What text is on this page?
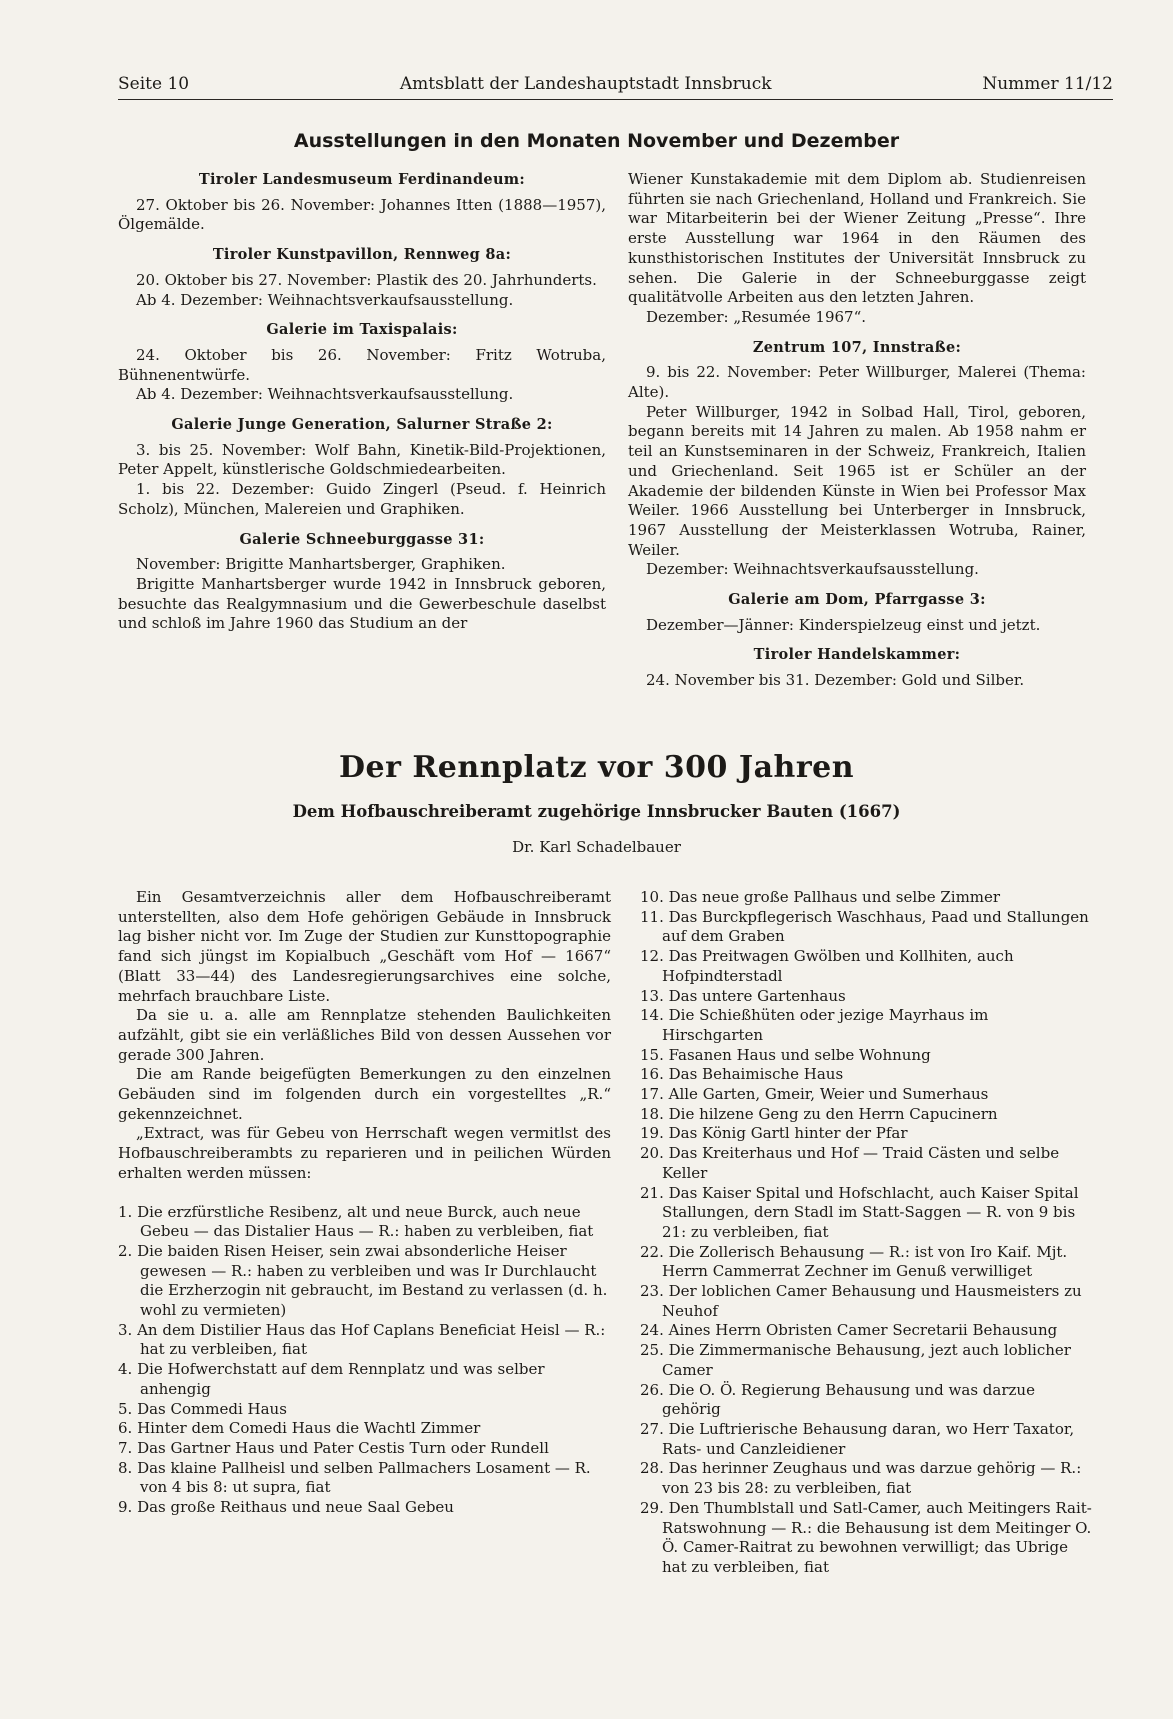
Seite 10	Amtsblatt der Landeshauptstadt Innsbruck	Nummer 11/12
Ausstellungen in den Monaten November und Dezember
Tiroler Landesmuseum Ferdinandeum:

27. Oktober bis 26. November: Johannes Itten (1888—1957), Ölgemälde.

Tiroler Kunstpavillon, Rennweg 8a:

20. Oktober bis 27. November: Plastik des 20. Jahrhunderts.

Ab 4. Dezember: Weihnachtsverkaufsausstellung.

Galerie im Taxispalais:

24. Oktober bis 26. November: Fritz Wotruba, Bühnenentwürfe.

Ab 4. Dezember: Weihnachtsverkaufsausstellung.

Galerie Junge Generation, Salurner Straße 2:

3. bis 25. November: Wolf Bahn, Kinetik-Bild-Projektionen, Peter Appelt, künstlerische Goldschmiedearbeiten.

1. bis 22. Dezember: Guido Zingerl (Pseud. f. Heinrich Scholz), München, Malereien und Graphiken.

Galerie Schneeburggasse 31:

November: Brigitte Manhartsberger, Graphiken.

Brigitte Manhartsberger wurde 1942 in Innsbruck geboren, besuchte das Realgymnasium und die Gewerbeschule daselbst und schloß im Jahre 1960 das Studium an der

Wiener Kunstakademie mit dem Diplom ab. Studienreisen führten sie nach Griechenland, Holland und Frankreich. Sie war Mitarbeiterin bei der Wiener Zeitung „Presse“. Ihre erste Ausstellung war 1964 in den Räumen des kunsthistorischen Institutes der Universität Innsbruck zu sehen. Die Galerie in der Schneeburggasse zeigt qualitätvolle Arbeiten aus den letzten Jahren.

Dezember: „Resumée 1967“.

Zentrum 107, Innstraße:

9. bis 22. November: Peter Willburger, Malerei (Thema: Alte).

Peter Willburger, 1942 in Solbad Hall, Tirol, geboren, begann bereits mit 14 Jahren zu malen. Ab 1958 nahm er teil an Kunstseminaren in der Schweiz, Frankreich, Italien und Griechenland. Seit 1965 ist er Schüler an der Akademie der bildenden Künste in Wien bei Professor Max Weiler. 1966 Ausstellung bei Unterberger in Innsbruck, 1967 Ausstellung der Meisterklassen Wotruba, Rainer, Weiler.

Dezember: Weihnachtsverkaufsausstellung.

Galerie am Dom, Pfarrgasse 3:

Dezember—Jänner: Kinderspielzeug einst und jetzt.

Tiroler Handelskammer:

24. November bis 31. Dezember: Gold und Silber.

Der Rennplatz vor 300 Jahren
Dem Hofbauschreiberamt zugehörige Innsbrucker Bauten (1667)
Dr. Karl Schadelbauer

Ein Gesamtverzeichnis aller dem Hofbauschreiberamt unterstellten, also dem Hofe gehörigen Gebäude in Innsbruck lag bisher nicht vor. Im Zuge der Studien zur Kunsttopographie fand sich jüngst im Kopialbuch „Geschäft vom Hof — 1667“ (Blatt 33—44) des Landesregierungsarchives eine solche, mehrfach brauchbare Liste.

Da sie u. a. alle am Rennplatze stehenden Baulichkeiten aufzählt, gibt sie ein verläßliches Bild von dessen Aussehen vor gerade 300 Jahren.

Die am Rande beigefügten Bemerkungen zu den einzelnen Gebäuden sind im folgenden durch ein vorgestelltes „R.“ gekennzeichnet.

„Extract, was für Gebeu von Herrschaft wegen vermitlst des Hofbauschreiberambts zu reparieren und in peilichen Würden erhalten werden müssen:

1. Die erzfürstliche Resibenz, alt und neue Burck, auch neue Gebeu — das Distalier Haus — R.: haben zu verbleiben, fiat
2. Die baiden Risen Heiser, sein zwai absonderliche Heiser gewesen — R.: haben zu verbleiben und was Ir Durchlaucht die Erzherzogin nit gebraucht, im Bestand zu verlassen (d. h. wohl zu vermieten)
3. An dem Distilier Haus das Hof Caplans Beneficiat Heisl — R.: hat zu verbleiben, fiat
4. Die Hofwerchstatt auf dem Rennplatz und was selber anhengig
5. Das Commedi Haus
6. Hinter dem Comedi Haus die Wachtl Zimmer
7. Das Gartner Haus und Pater Cestis Turn oder Rundell
8. Das klaine Pallheisl und selben Pallmachers Losament — R. von 4 bis 8: ut supra, fiat
9. Das große Reithaus und neue Saal Gebeu
10. Das neue große Pallhaus und selbe Zimmer
11. Das Burckpflegerisch Waschhaus, Paad und Stallungen auf dem Graben
12. Das Preitwagen Gwölben und Kollhiten, auch Hofpindterstadl
13. Das untere Gartenhaus
14. Die Schießhüten oder jezige Mayrhaus im Hirschgarten
15. Fasanen Haus und selbe Wohnung
16. Das Behaimische Haus
17. Alle Garten, Gmeir, Weier und Sumerhaus
18. Die hilzene Geng zu den Herrn Capucinern
19. Das König Gartl hinter der Pfar
20. Das Kreiterhaus und Hof — Traid Cästen und selbe Keller
21. Das Kaiser Spital und Hofschlacht, auch Kaiser Spital Stallungen, dern Stadl im Statt-Saggen — R. von 9 bis 21: zu verbleiben, fiat
22. Die Zollerisch Behausung — R.: ist von Iro Kaif. Mjt. Herrn Cammerrat Zechner im Genuß verwilliget
23. Der loblichen Camer Behausung und Hausmeisters zu Neuhof
24. Aines Herrn Obristen Camer Secretarii Behausung
25. Die Zimmermanische Behausung, jezt auch loblicher Camer
26. Die O. Ö. Regierung Behausung und was darzue gehörig
27. Die Luftrierische Behausung daran, wo Herr Taxator, Rats- und Canzleidiener
28. Das herinner Zeughaus und was darzue gehörig — R.: von 23 bis 28: zu verbleiben, fiat
29. Den Thumblstall und Satl-Camer, auch Meitingers Rait-Ratswohnung — R.: die Behausung ist dem Meitinger O. Ö. Camer-Raitrat zu bewohnen verwilligt; das Ubrige hat zu verbleiben, fiat
